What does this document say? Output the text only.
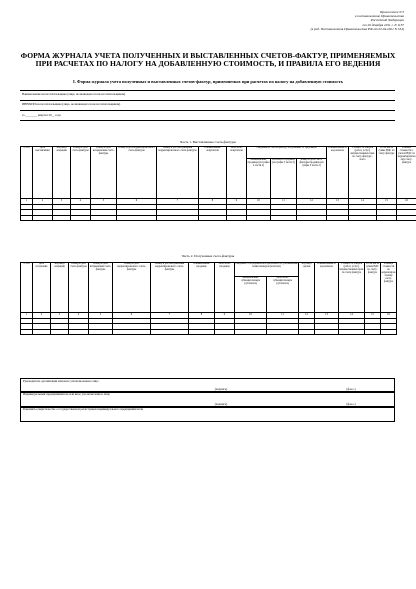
Приложение N 3
к постановлению Правительства
Российской Федерации
от 26 декабря 2011 г. N 1137
(в ред. Постановления Правительства РФ от 02.04.2021 N 534)
ФОРМА ЖУРНАЛА УЧЕТА ПОЛУЧЕННЫХ И ВЫСТАВЛЕННЫХ СЧЕТОВ-ФАКТУР, ПРИМЕНЯЕМЫХ ПРИ РАСЧЕТАХ ПО НАЛОГУ НА ДОБАВЛЕННУЮ СТОИМОСТЬ, И ПРАВИЛА ЕГО ВЕДЕНИЯ
I. Форма журнала учета полученных и выставленных счетов-фактур, применяемых при расчетах по налогу на добавленную стоимость
Наименование налогоплательщика (лица, не являющегося налогоплательщиком)
ИНН/КПП налогоплательщика (лица, не являющегося налогоплательщиком)
за ________ квартал 20__ года
Часть 1. Выставленные счета-фактуры
N п/п	Дата выставления	Код вида операции	Номер и дата счета-фактуры	Номер и дата исправления счета-фактуры	Номер и дата корректировочного счета-фактуры	Номер и дата исправления корректировочного счета-фактуры	Наименование покупателя	ИНН/КПП покупателя	Сведения из счетов-фактур, полученных от продавцов			Наименование и код валюты	Стоимость товаров (работ, услуг), имущественных прав по счету-фактуре - всего	В том числе сумма НДС по счету-фактуре	Разница стоимости с учетом НДС по корректировочному счету-фактуре
									наименование продавца (из графы 4 части 2)	ИНН/КПП продавца (из графы 5 части 2)	номер и дата счета-фактуры продавца (из графы 3 части 2)				
1	2	3	4	5	6	7	8	9	10	11	12	13	14	15	16

Часть 2. Полученные счета-фактуры
N п/п	Дата получения	Код вида операции	Номер и дата счета-фактуры	Номер и дата исправления счета-фактуры	Номер и дата корректировочного счета-фактуры	Номер и дата исправления корректировочного счета-фактуры	Наименование продавца	ИНН/КПП продавца	Сведения о посреднической деятельности, указываемые комиссионером (агентом)		Код вида сделки	Наименование и код валюты	Стоимость товаров (работ, услуг), имущественных прав по счету-фактуре	В том числе сумма НДС по счету-фактуре	Разница стоимости по корректировочному счету-фактуре
									наименование субкомиссионера (субагента)	ИНН/КПП субкомиссионера (субагента)					
1	2	3	4	5	6	7	8	9	10	11	12	13	14	15	16

Руководитель организации или иное уполномоченное лицо
(подпись)	(ф.и.о.)
Индивидуальный предприниматель или иное уполномоченное лицо
(подпись)	(ф.и.о.)
Реквизиты свидетельства о государственной регистрации индивидуального предпринимателя
